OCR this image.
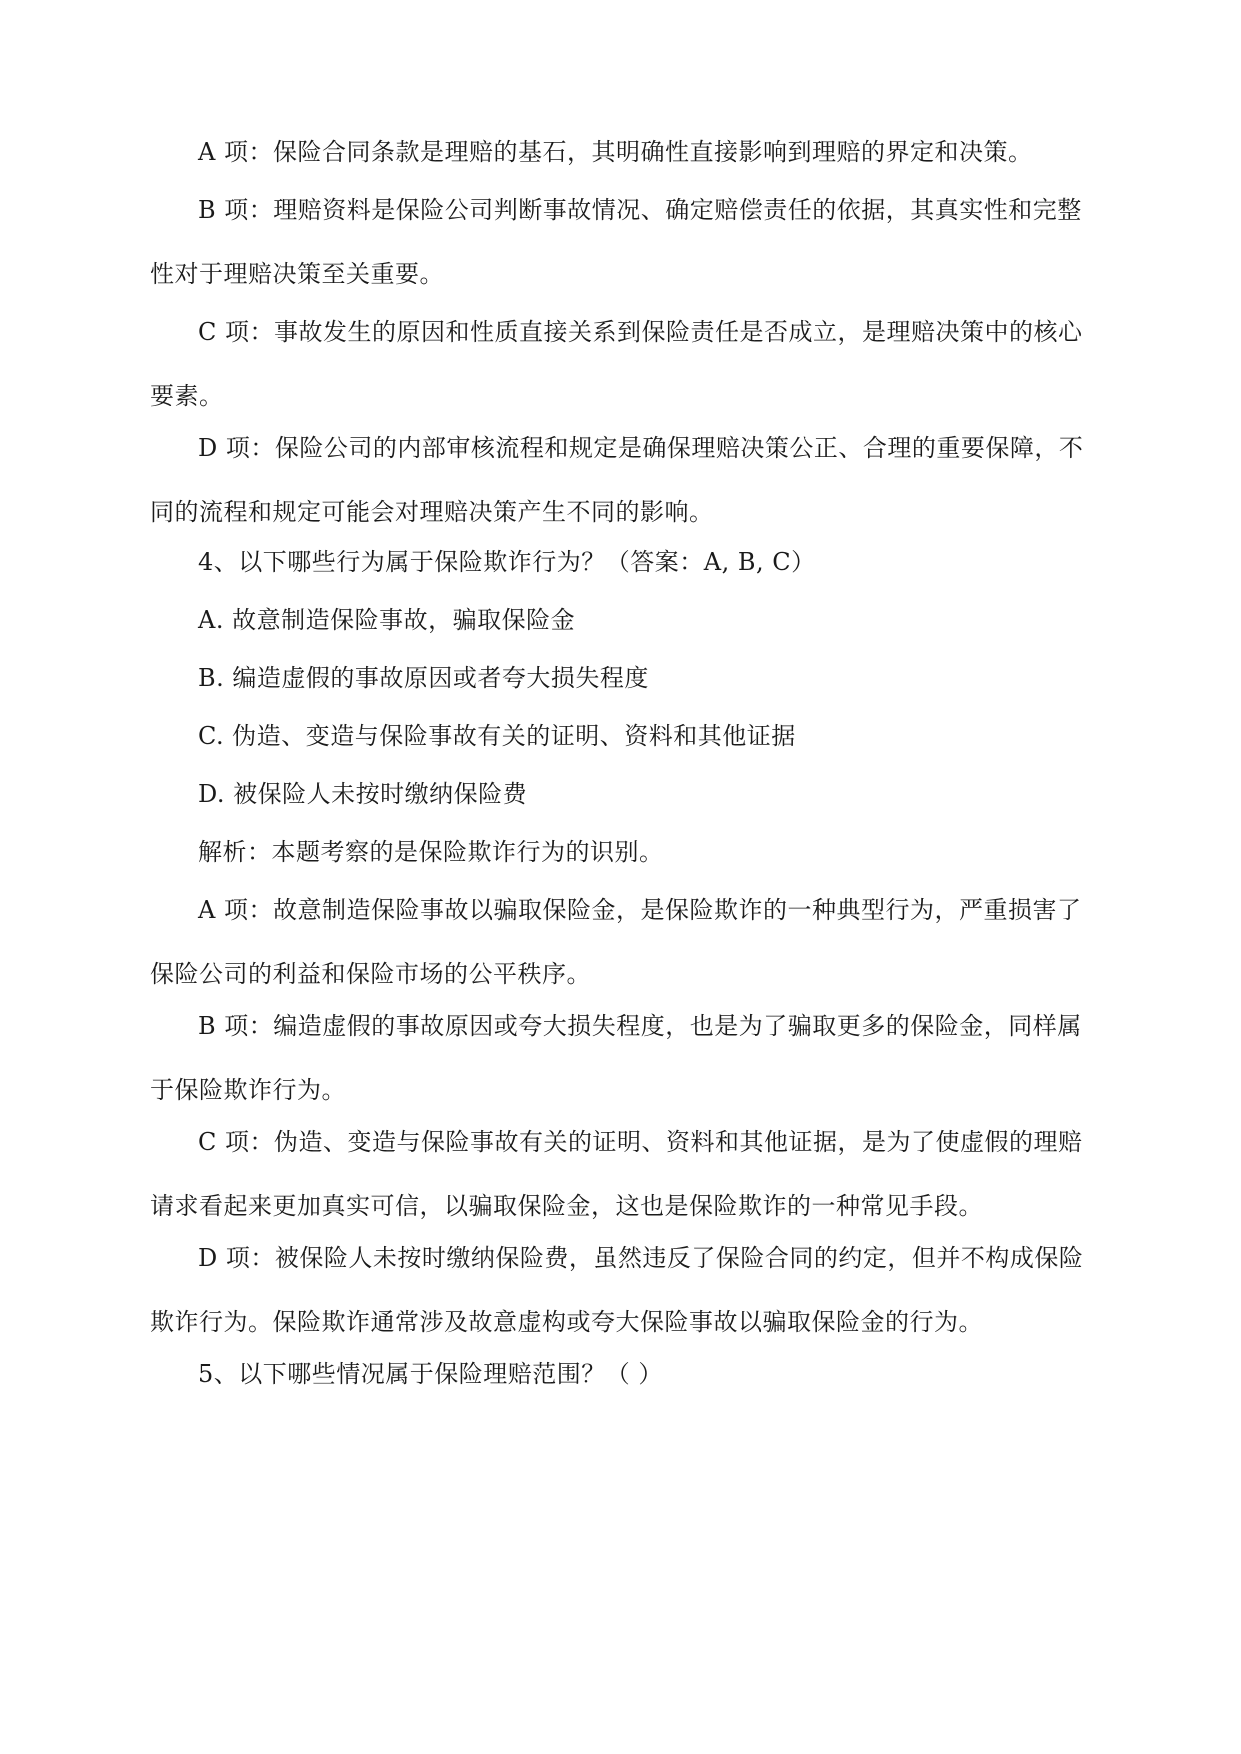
A 项：保险合同条款是理赔的基石，其明确性直接影响到理赔的界定和决策。

B 项：理赔资料是保险公司判断事故情况、确定赔偿责任的依据，其真实性和完整性对于理赔决策至关重要。

C 项：事故发生的原因和性质直接关系到保险责任是否成立，是理赔决策中的核心要素。

D 项：保险公司的内部审核流程和规定是确保理赔决策公正、合理的重要保障，不同的流程和规定可能会对理赔决策产生不同的影响。

4、以下哪些行为属于保险欺诈行为？（答案：A, B, C）

A. 故意制造保险事故，骗取保险金

B. 编造虚假的事故原因或者夸大损失程度

C. 伪造、变造与保险事故有关的证明、资料和其他证据

D. 被保险人未按时缴纳保险费

解析：本题考察的是保险欺诈行为的识别。

A 项：故意制造保险事故以骗取保险金，是保险欺诈的一种典型行为，严重损害了保险公司的利益和保险市场的公平秩序。

B 项：编造虚假的事故原因或夸大损失程度，也是为了骗取更多的保险金，同样属于保险欺诈行为。

C 项：伪造、变造与保险事故有关的证明、资料和其他证据，是为了使虚假的理赔请求看起来更加真实可信，以骗取保险金，这也是保险欺诈的一种常见手段。

D 项：被保险人未按时缴纳保险费，虽然违反了保险合同的约定，但并不构成保险欺诈行为。保险欺诈通常涉及故意虚构或夸大保险事故以骗取保险金的行为。

5、以下哪些情况属于保险理赔范围？（ ）
